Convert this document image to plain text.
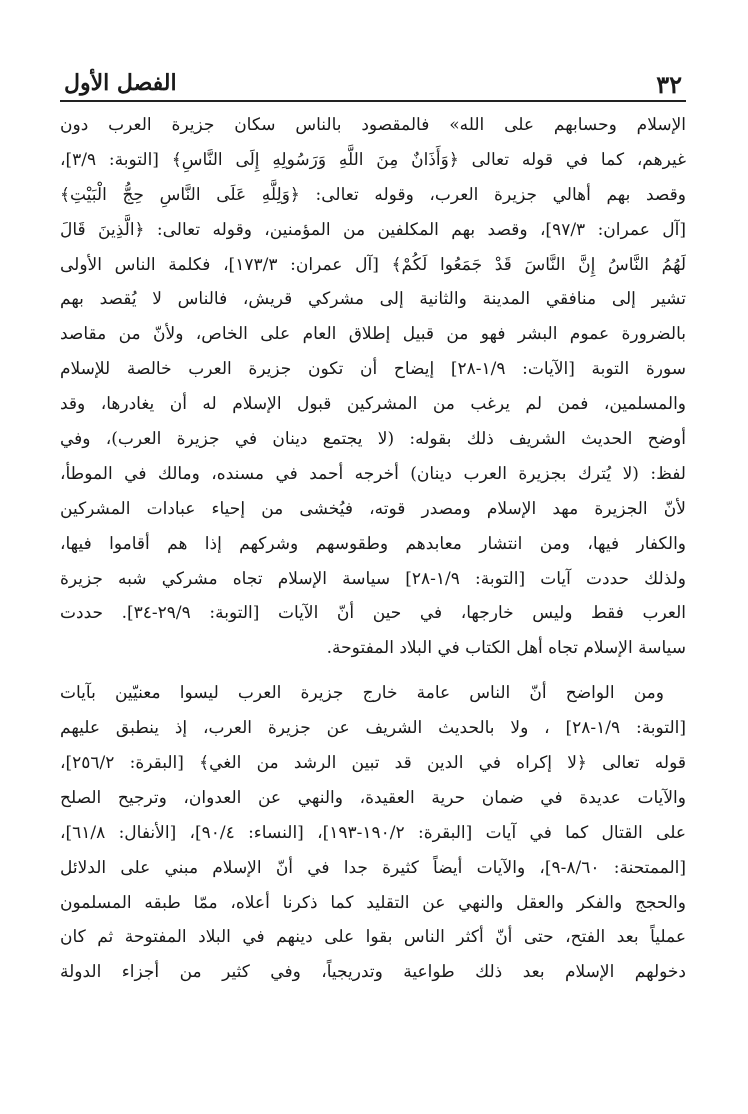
٣٢
الفصل الأول
الإسلام وحسابهم على الله» فالمقصود بالناس سكان جزيرة العرب دون
غيرهم، كما في قوله تعالى ﴿وَأَذَانٌ مِنَ اللَّهِ وَرَسُولِهِ إِلَى النَّاسِ﴾ [التوبة: ٣/٩]،
وقصد بهم أهالي جزيرة العرب، وقوله تعالى: ﴿وَلِلَّهِ عَلَى النَّاسِ حِجُّ الْبَيْتِ﴾
[آل عمران: ٩٧/٣]، وقصد بهم المكلفين من المؤمنين، وقوله تعالى: ﴿الَّذِينَ قَالَ
لَهُمُ النَّاسُ إِنَّ النَّاسَ قَدْ جَمَعُوا لَكُمْ﴾ [آل عمران: ١٧٣/٣]، فكلمة الناس الأولى
تشير إلى منافقي المدينة والثانية إلى مشركي قريش، فالناس لا يُقصد بهم
بالضرورة عموم البشر فهو من قبيل إطلاق العام على الخاص، ولأنّ من مقاصد
سورة التوبة [الآيات: ١/٩-٢٨] إيضاح أن تكون جزيرة العرب خالصة للإسلام
والمسلمين، فمن لم يرغب من المشركين قبول الإسلام له أن يغادرها، وقد
أوضح الحديث الشريف ذلك بقوله: (لا يجتمع دينان في جزيرة العرب)، وفي
لفظ: (لا يُترك بجزيرة العرب دينان) أخرجه أحمد في مسنده، ومالك في الموطأ،
لأنّ الجزيرة مهد الإسلام ومصدر قوته، فيُخشى من إحياء عبادات المشركين
والكفار فيها، ومن انتشار معابدهم وطقوسهم وشركهم إذا هم أقاموا فيها،
ولذلك حددت آيات [التوبة: ١/٩-٢٨] سياسة الإسلام تجاه مشركي شبه جزيرة
العرب فقط وليس خارجها، في حين أنّ الآيات [التوبة: ٢٩/٩-٣٤]. حددت
سياسة الإسلام تجاه أهل الكتاب في البلاد المفتوحة.
ومن الواضح أنّ الناس عامة خارج جزيرة العرب ليسوا معنيّين بآيات
[التوبة: ١/٩-٢٨] ، ولا بالحديث الشريف عن جزيرة العرب، إذ ينطبق عليهم
قوله تعالى ﴿لا إكراه في الدين قد تبين الرشد من الغي﴾ [البقرة: ٢٥٦/٢]،
والآيات عديدة في ضمان حرية العقيدة، والنهي عن العدوان، وترجيح الصلح
على القتال كما في آيات [البقرة: ١٩٠/٢-١٩٣]، [النساء: ٩٠/٤]، [الأنفال: ٦١/٨]،
[الممتحنة: ٨/٦٠-٩]، والآيات أيضاً كثيرة جدا في أنّ الإسلام مبني على الدلائل
والحجج والفكر والعقل والنهي عن التقليد كما ذكرنا أعلاه، ممّا طبقه المسلمون
عملياً بعد الفتح، حتى أنّ أكثر الناس بقوا على دينهم في البلاد المفتوحة ثم كان
دخولهم الإسلام بعد ذلك طواعية وتدريجياً، وفي كثير من أجزاء الدولة
